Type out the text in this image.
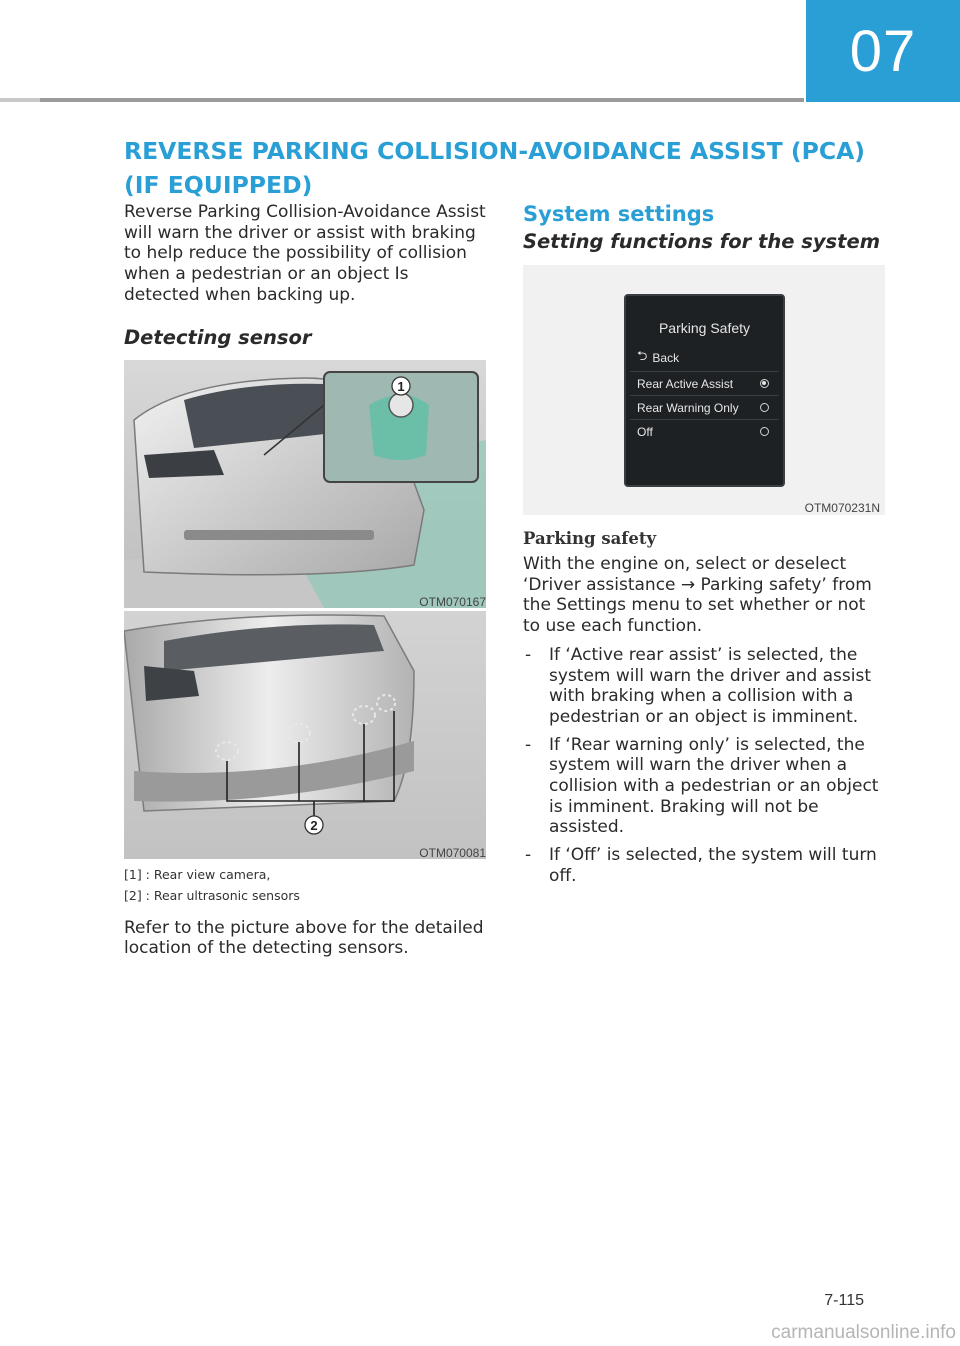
07
REVERSE PARKING COLLISION-AVOIDANCE ASSIST (PCA) (IF EQUIPPED)

Reverse Parking Collision-Avoidance Assist will warn the driver or assist with braking to help reduce the possibility of collision when a pedestrian or an object Is detected when backing up.

Detecting sensor

1
OTM070167
2
OTM070081

[1] : Rear view camera,

[2] : Rear ultrasonic sensors

Refer to the picture above for the detailed location of the detecting sensors.

System settings

Setting functions for the system

Parking Safety
⮌ Back
Rear Active Assist
Rear Warning Only
Off
OTM070231N

Parking safety

With the engine on, select or deselect ‘Driver assistance → Parking safety’ from the Settings menu to set whether or not to use each function.

- If ‘Active rear assist’ is selected, the system will warn the driver and assist with braking when a collision with a pedestrian or an object is imminent.
- If ‘Rear warning only’ is selected, the system will warn the driver when a collision with a pedestrian or an object is imminent. Braking will not be assisted.
- If ‘Off’ is selected, the system will turn off.
7-115
carmanualsonline.info
